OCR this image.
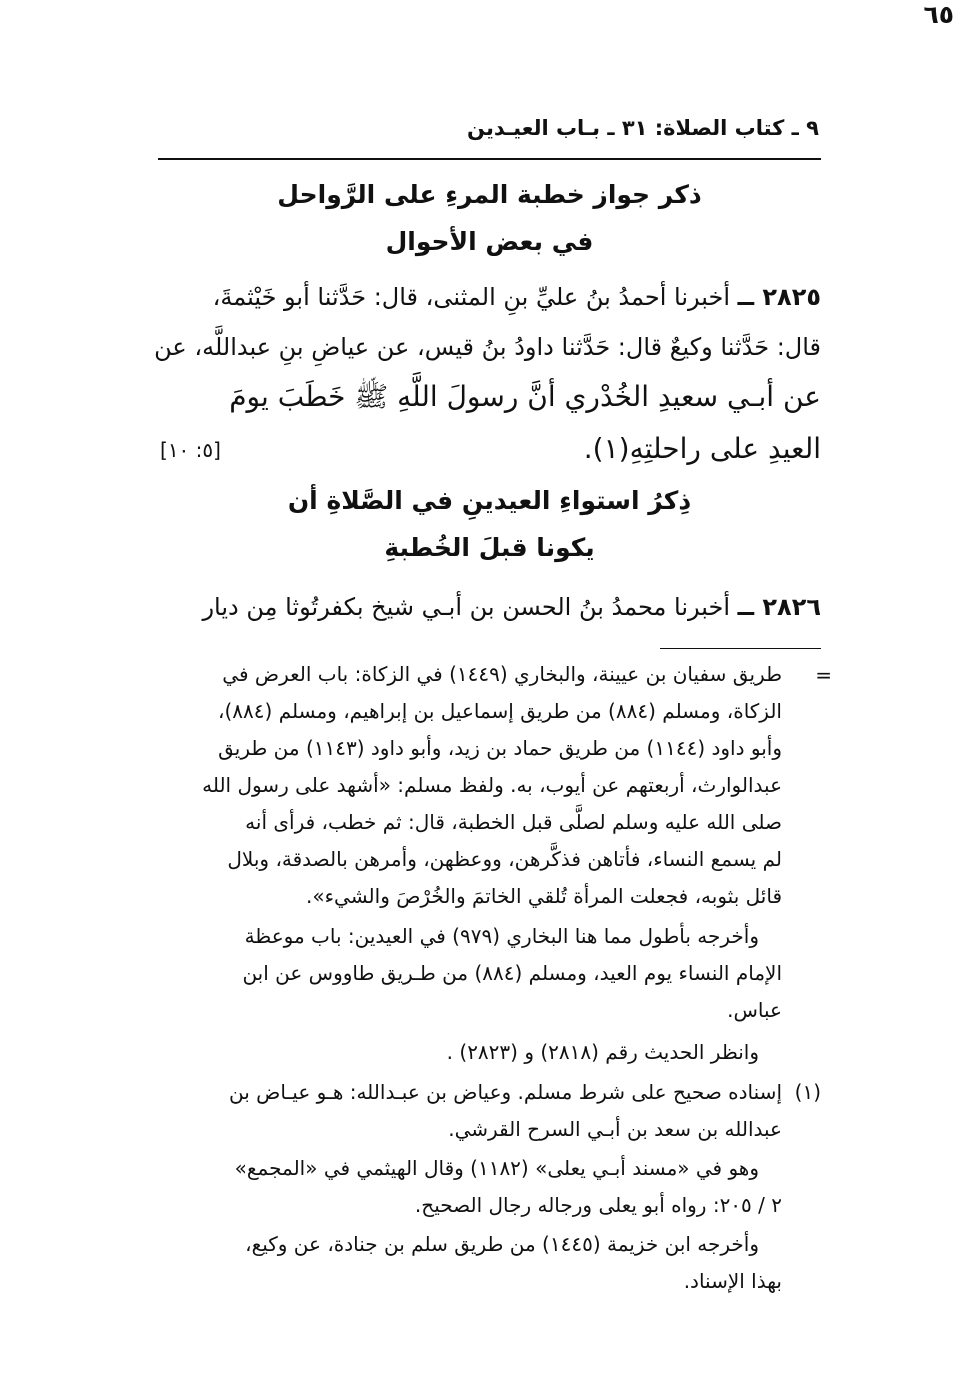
٩ ـ كتاب الصلاة: ٣١ ـ بـاب العيـدين
٦٥
ذكر جواز خطبة المرءِ على الرَّواحل
في بعض الأحوال
٢٨٢٥ ــ أخبرنا أحمدُ بنُ عليِّ بنِ المثنى، قال: حَدَّثنا أبو خَيْثمةَ،
قال: حَدَّثنا وكيعٌ قال: حَدَّثنا داودُ بنُ قيس، عن عياضِ بنِ عبداللَّه، عن
عن أبـي سعيدِ الخُدْري أنَّ رسولَ اللَّهِ ﷺ خَطَبَ يومَ
العيدِ على راحلتِهِ(١).
[٥: ١٠]
ذِكرُ استواءِ العيدينِ في الصَّلاةِ أن
يكونا قبلَ الخُطبةِ
٢٨٢٦ ــ أخبرنا محمدُ بنُ الحسن بن أبـي شيخ بكفرتُوثا مِن ديار
=
طريق سفيان بن عيينة، والبخاري (١٤٤٩) في الزكاة: باب العرض في
الزكاة، ومسلم (٨٨٤) من طريق إسماعيل بن إبراهيم، ومسلم (٨٨٤)،
وأبو داود (١١٤٤) من طريق حماد بن زيد، وأبو داود (١١٤٣) من طريق
عبدالوارث، أربعتهم عن أيوب، به. ولفظ مسلم: «أشهد على رسول الله
صلى الله عليه وسلم لصلَّى قبل الخطبة، قال: ثم خطب، فرأى أنه
لم يسمع النساء، فأتاهن فذكَّرهن، ووعظهن، وأمرهن بالصدقة، وبلال
قائل بثوبه، فجعلت المرأة تُلقي الخاتمَ والخُرْصَ والشيء».
وأخرجه بأطول مما هنا البخاري (٩٧٩) في العيدين: باب موعظة
الإمام النساء يوم العيد، ومسلم (٨٨٤) من طـريق طاووس عن ابن
عباس.
وانظر الحديث رقم (٢٨١٨) و (٢٨٢٣) .
(١)
إسناده صحيح على شرط مسلم. وعياض بن عبـدالله: هـو عيـاض بن
عبدالله بن سعد بن أبـي السرح القرشي.
وهو في «مسند أبـي يعلى» (١١٨٢) وقال الهيثمي في «المجمع»
٢ / ٢٠٥: رواه أبو يعلى ورجاله رجال الصحيح.
وأخرجه ابن خزيمة (١٤٤٥) من طريق سلم بن جنادة، عن وكيع،
بهذا الإسناد.
